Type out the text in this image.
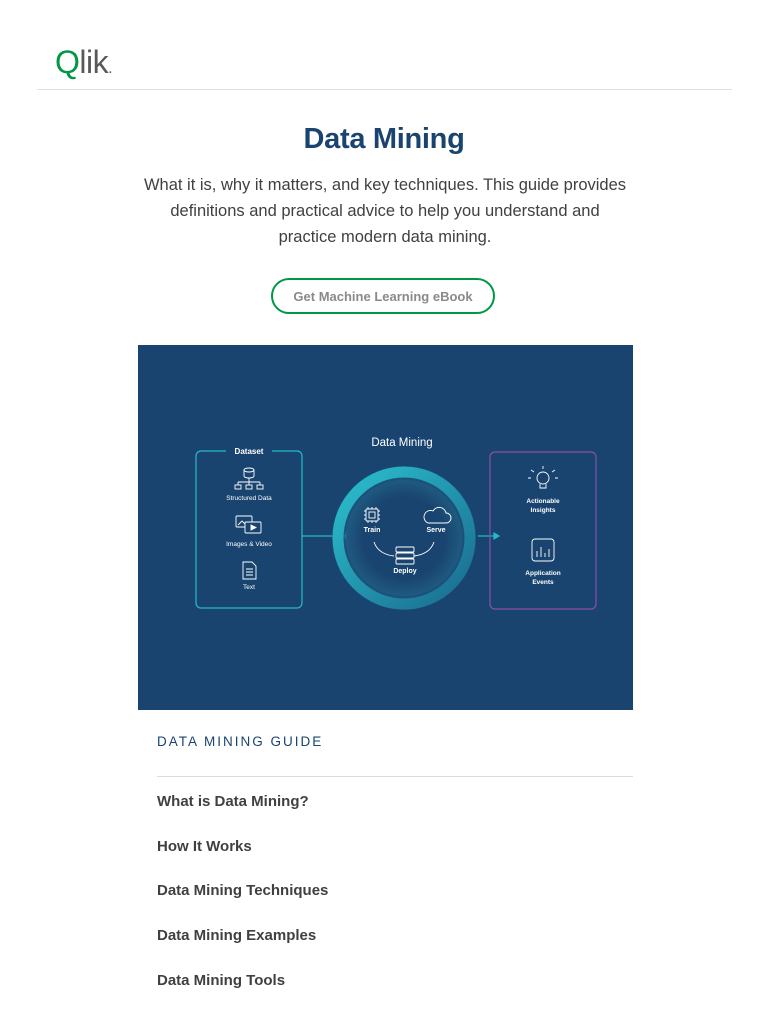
Qlik.
Data Mining

What it is, why it matters, and key techniques. This guide provides definitions and practical advice to help you understand and practice modern data mining.

Get Machine Learning eBook
Data Mining
Dataset
Structured Data
Images & Video
Text
Train	Serve
Deploy
Actionable
Insights
Application
Events
DATA MINING GUIDE
What is Data Mining?
How It Works
Data Mining Techniques
Data Mining Examples
Data Mining Tools
